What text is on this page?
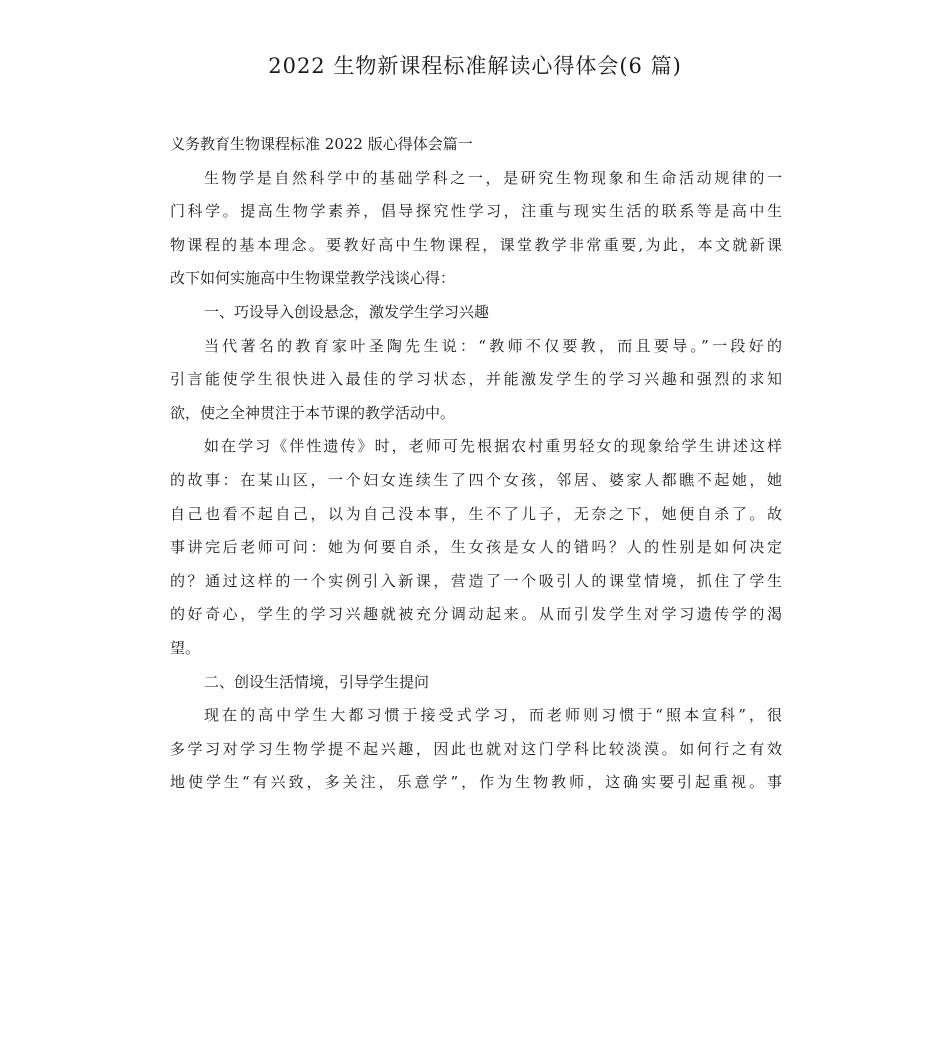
2022 生物新课程标准解读心得体会(6 篇)

义务教育生物课程标准 2022 版心得体会篇一

生物学是自然科学中的基础学科之一，是研究生物现象和生命活动规律的一

门科学。提高生物学素养，倡导探究性学习，注重与现实生活的联系等是高中生

物课程的基本理念。要教好高中生物课程，课堂教学非常重要,为此，本文就新课

改下如何实施高中生物课堂教学浅谈心得：

一、巧设导入创设悬念，激发学生学习兴趣

当代著名的教育家叶圣陶先生说：“教师不仅要教，而且要导。”一段好的

引言能使学生很快进入最佳的学习状态，并能激发学生的学习兴趣和强烈的求知

欲，使之全神贯注于本节课的教学活动中。

如在学习《伴性遗传》时，老师可先根据农村重男轻女的现象给学生讲述这样

的故事：在某山区，一个妇女连续生了四个女孩，邻居、婆家人都瞧不起她，她

自己也看不起自己，以为自己没本事，生不了儿子，无奈之下，她便自杀了。故

事讲完后老师可问：她为何要自杀，生女孩是女人的错吗？人的性别是如何决定

的？通过这样的一个实例引入新课，营造了一个吸引人的课堂情境，抓住了学生

的好奇心，学生的学习兴趣就被充分调动起来。从而引发学生对学习遗传学的渴

望。

二、创设生活情境，引导学生提问

现在的高中学生大都习惯于接受式学习，而老师则习惯于“照本宣科”，很

多学习对学习生物学提不起兴趣，因此也就对这门学科比较淡漠。如何行之有效

地使学生“有兴致，多关注，乐意学”，作为生物教师，这确实要引起重视。事
